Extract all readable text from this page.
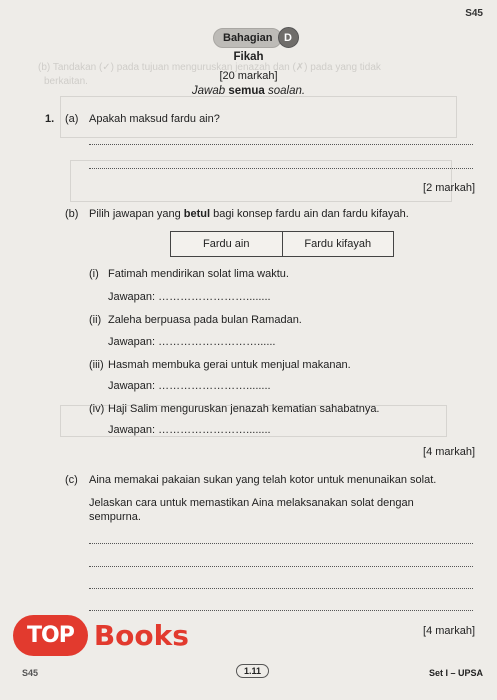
(b) Tandakan (✓) pada tujuan menguruskan jenazah dan (✗) pada yang tidak
berkaitan.
S45
Bahagian	D
Fikah
[20 markah]
Jawab semua soalan.
1. (a) Apakah maksud fardu ain?
[2 markah]
(b) Pilih jawapan yang betul bagi konsep fardu ain dan fardu kifayah.
Fardu ain	Fardu kifayah
(i) Fatimah mendirikan solat lima waktu.
Jawapan: ……………………........
(ii) Zaleha berpuasa pada bulan Ramadan.
Jawapan: ………………………......
(iii) Hasmah membuka gerai untuk menjual makanan.
Jawapan: ……………………........
(iv) Haji Salim menguruskan jenazah kematian sahabatnya.
Jawapan: ……………………........
[4 markah]
(c) Aina memakai pakaian sukan yang telah kotor untuk menunaikan solat.
Jelaskan cara untuk memastikan Aina melaksanakan solat dengan
sempurna.
[4 markah]
TOP Books
S45	1.11	Set I – UPSA
